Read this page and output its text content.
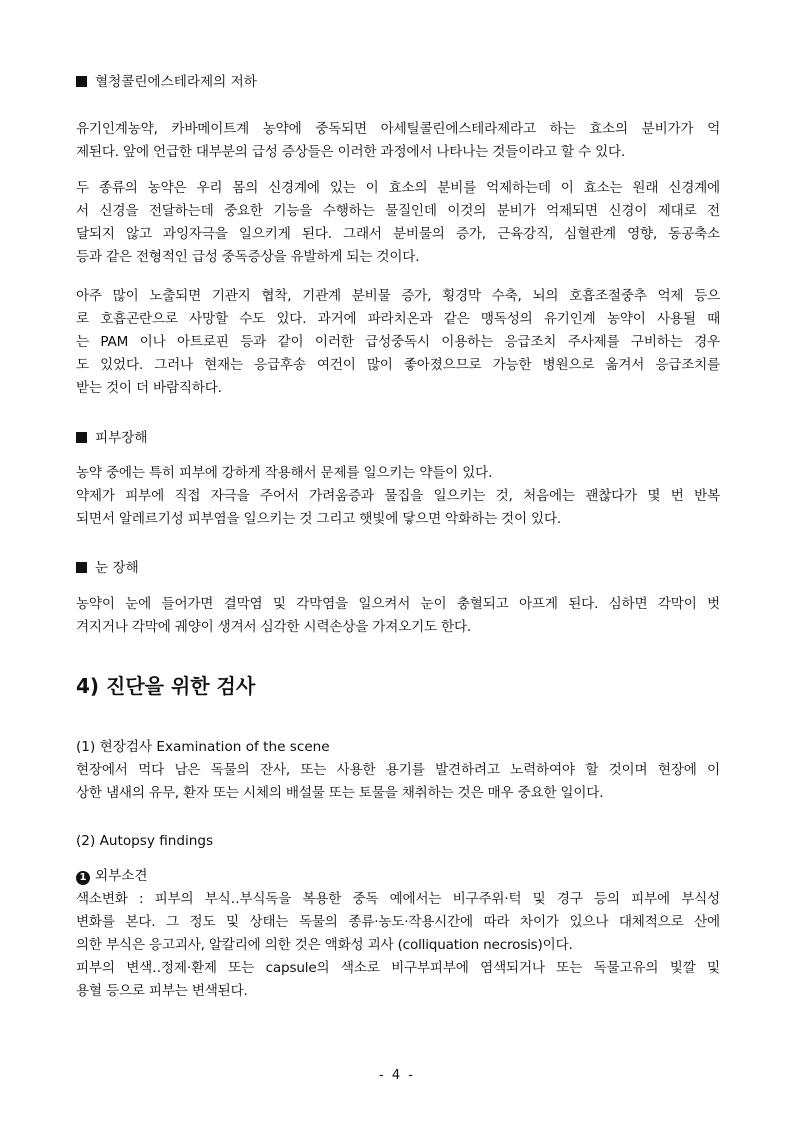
혈청콜린에스테라제의 저하
유기인계농약, 카바메이트계 농약에 중독되면 아세틸콜린에스테라제라고 하는 효소의 분비가가 억
제된다. 앞에 언급한 대부분의 급성 증상들은 이러한 과정에서 나타나는 것들이라고 할 수 있다.
두 종류의 농약은 우리 몸의 신경계에 있는 이 효소의 분비를 억제하는데 이 효소는 원래 신경계에
서 신경을 전달하는데 중요한 기능을 수행하는 물질인데 이것의 분비가 억제되면 신경이 제대로 전
달되지 않고 과잉자극을 일으키게 된다. 그래서 분비물의 증가, 근육강직, 심혈관계 영향, 동공축소
등과 같은 전형적인 급성 중독증상을 유발하게 되는 것이다.
아주 많이 노출되면 기관지 협착, 기관계 분비물 증가, 횡경막 수축, 뇌의 호흡조절중추 억제 등으
로 호흡곤란으로 사망할 수도 있다. 과거에 파라치온과 같은 맹독성의 유기인계 농약이 사용될 때
는 PAM 이나 아트로핀 등과 같이 이러한 급성중독시 이용하는 응급조치 주사제를 구비하는 경우
도 있었다. 그러나 현재는 응급후송 여건이 많이 좋아졌으므로 가능한 병원으로 옮겨서 응급조치를
받는 것이 더 바람직하다.
피부장해
농약 중에는 특히 피부에 강하게 작용해서 문제를 일으키는 약들이 있다.
약제가 피부에 직접 자극을 주어서 가려움증과 물집을 일으키는 것, 처음에는 괜찮다가 몇 번 반복
되면서 알레르기성 피부염을 일으키는 것 그리고 햇빛에 닿으면 악화하는 것이 있다.
눈 장해
농약이 눈에 들어가면 결막염 및 각막염을 일으켜서 눈이 충혈되고 아프게 된다. 심하면 각막이 벗
겨지거나 각막에 궤양이 생겨서 심각한 시력손상을 가져오기도 한다.
4) 진단을 위한 검사
(1) 현장검사 Examination of the scene
현장에서 먹다 남은 독물의 잔사, 또는 사용한 용기를 발견하려고 노력하여야 할 것이며 현장에 이
상한 냄새의 유무, 환자 또는 시체의 배설물 또는 토물을 채취하는 것은 매우 중요한 일이다.
(2) Autopsy findings
1 외부소견
색소변화 : 피부의 부식‥부식독을 복용한 중독 예에서는 비구주위·턱 및 경구 등의 피부에 부식성
변화를 본다. 그 정도 및 상태는 독물의 종류·농도·작용시간에 따라 차이가 있으나 대체적으로 산에
의한 부식은 응고괴사, 알칼리에 의한 것은 액화성 괴사 (colliquation necrosis)이다.
피부의 변색‥정제·환제 또는 capsule의 색소로 비구부피부에 염색되거나 또는 독물고유의 빛깔 및
용혈 등으로 피부는 변색된다.
- 4 -
